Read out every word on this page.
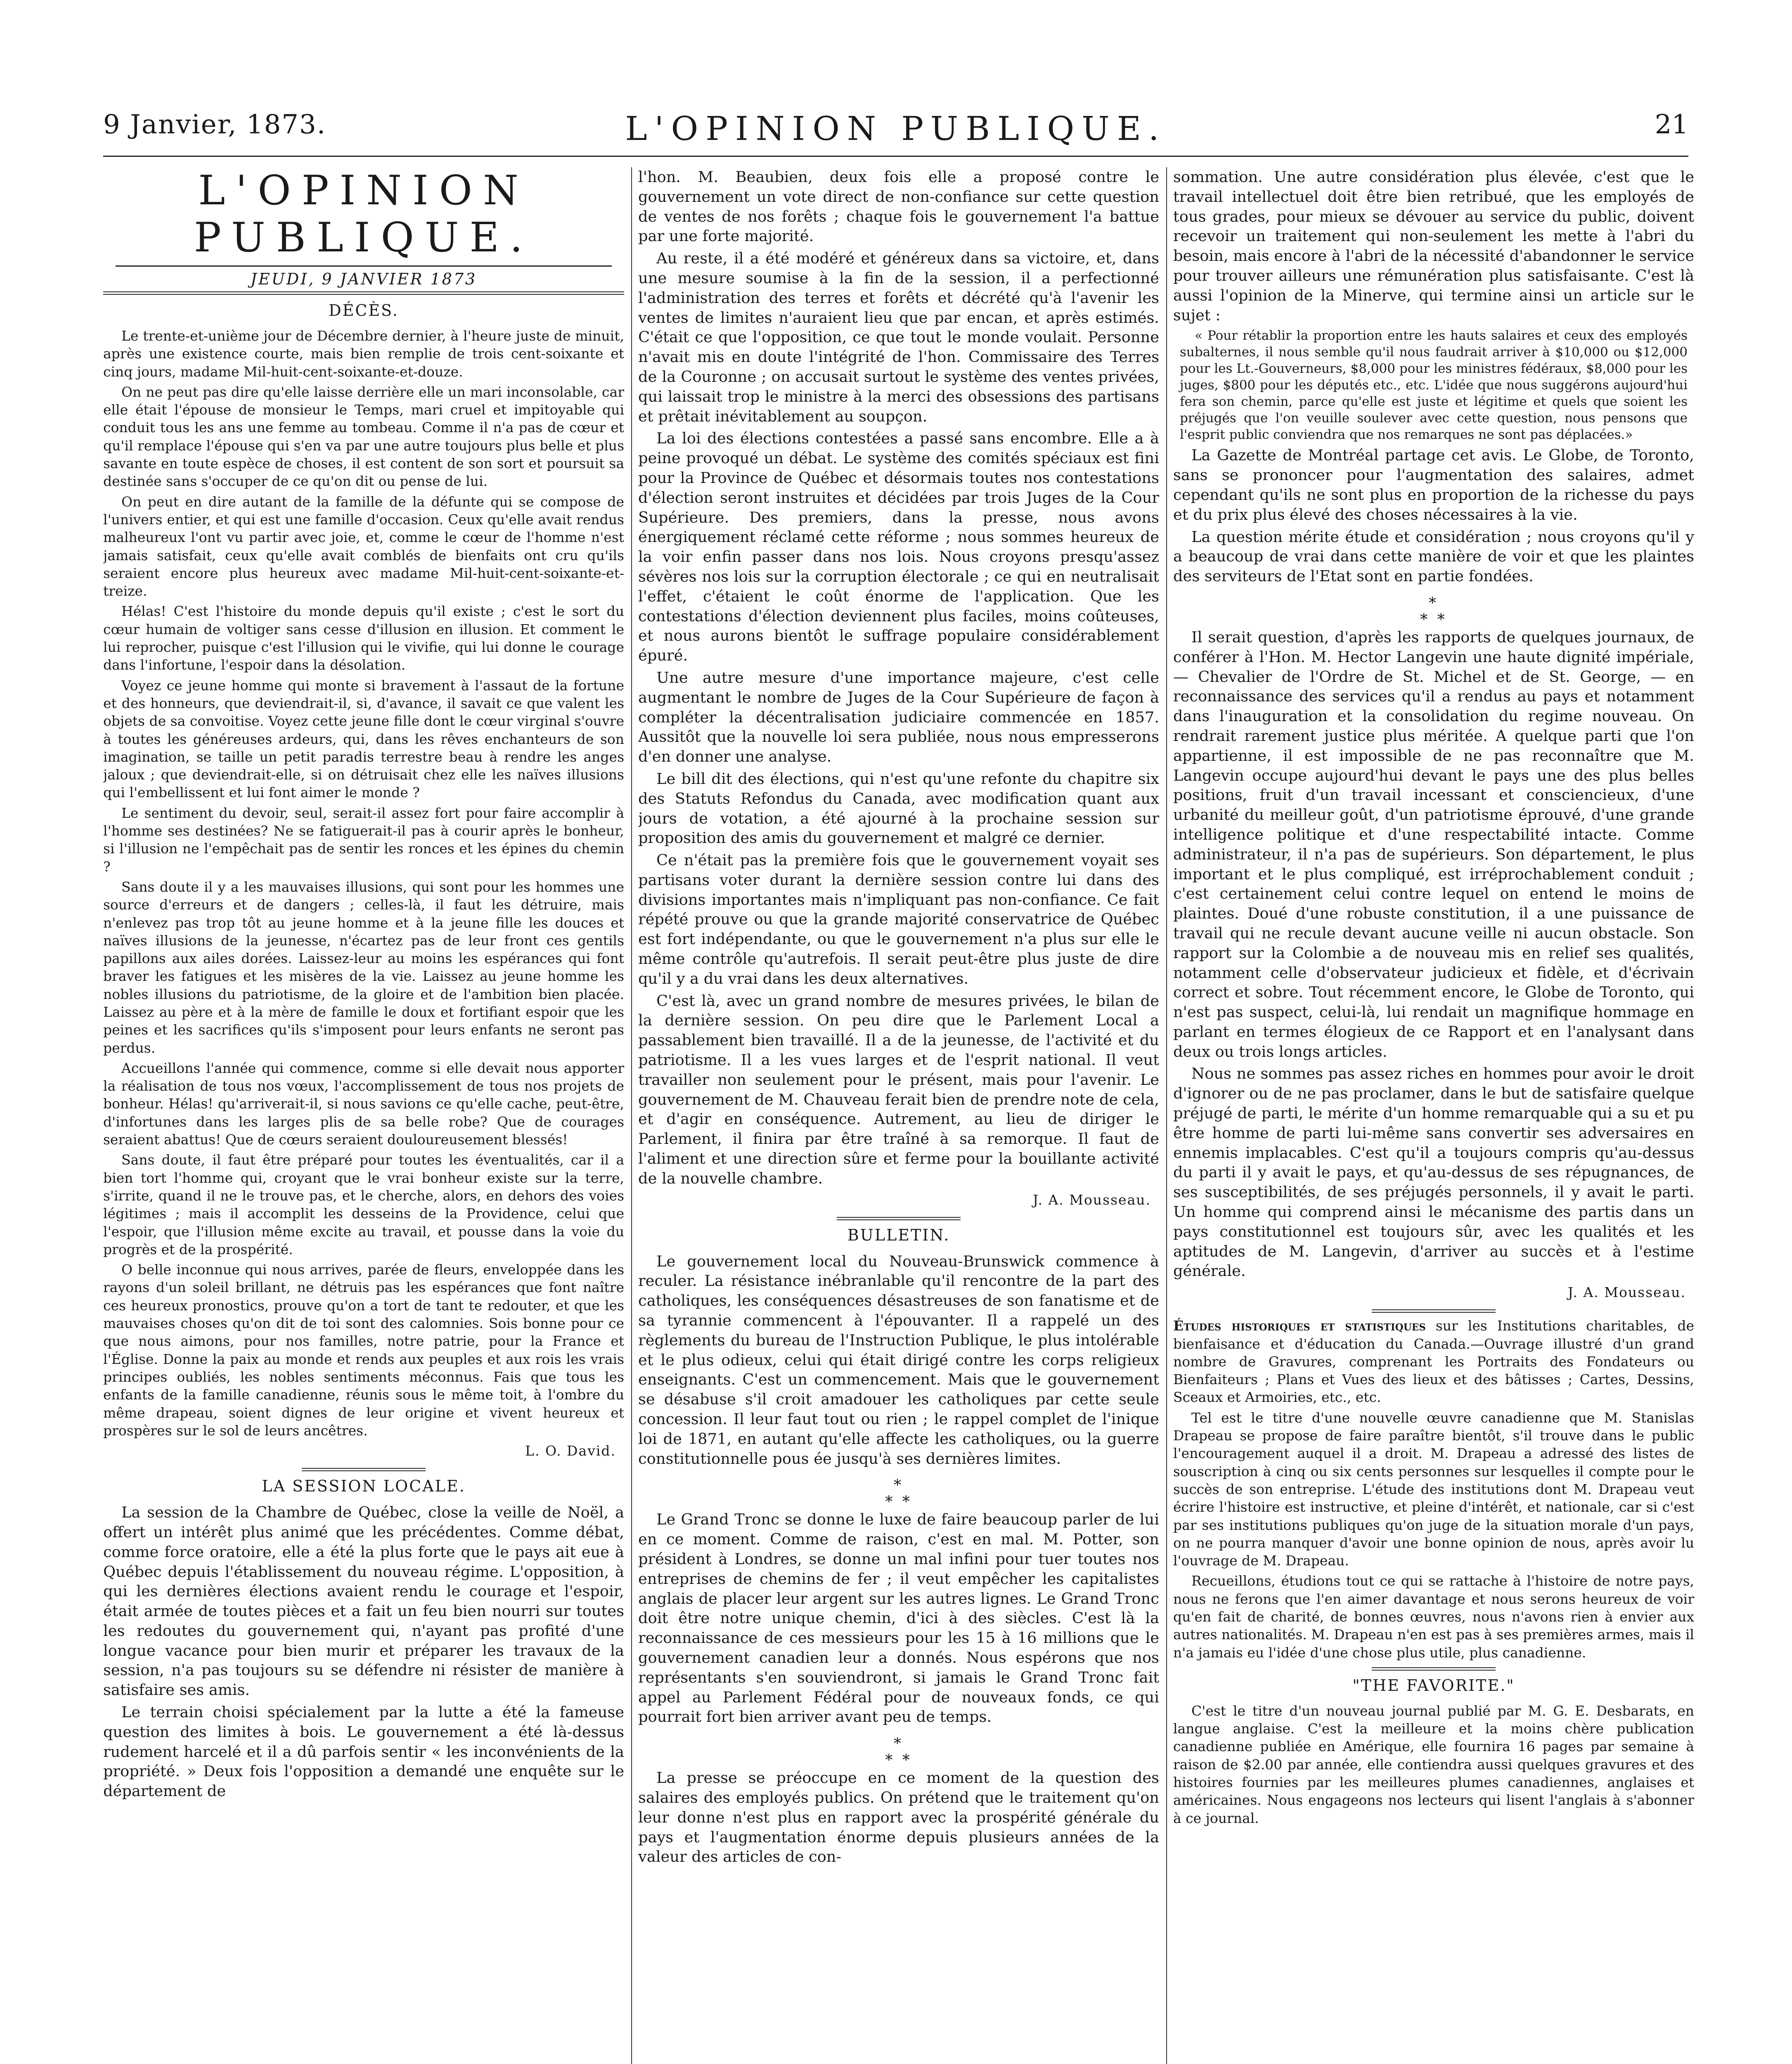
9 Janvier, 1873.	L'OPINION PUBLIQUE.	21
L'OPINION PUBLIQUE.
JEUDI, 9 JANVIER 1873
DÉCÈS.

Le trente-et-unième jour de Décembre dernier, à l'heure juste de minuit, après une existence courte, mais bien remplie de trois cent-soixante et cinq jours, madame Mil-huit-cent-soixante-et-douze.

On ne peut pas dire qu'elle laisse derrière elle un mari inconsolable, car elle était l'épouse de monsieur le Temps, mari cruel et impitoyable qui conduit tous les ans une femme au tombeau. Comme il n'a pas de cœur et qu'il remplace l'épouse qui s'en va par une autre toujours plus belle et plus savante en toute espèce de choses, il est content de son sort et poursuit sa destinée sans s'occuper de ce qu'on dit ou pense de lui.

On peut en dire autant de la famille de la défunte qui se compose de l'univers entier, et qui est une famille d'occasion. Ceux qu'elle avait rendus malheureux l'ont vu partir avec joie, et, comme le cœur de l'homme n'est jamais satisfait, ceux qu'elle avait comblés de bienfaits ont cru qu'ils seraient encore plus heureux avec madame Mil-huit-cent-soixante-et-treize.

Hélas! C'est l'histoire du monde depuis qu'il existe ; c'est le sort du cœur humain de voltiger sans cesse d'illusion en illusion. Et comment le lui reprocher, puisque c'est l'illusion qui le vivifie, qui lui donne le courage dans l'infortune, l'espoir dans la désolation.

Voyez ce jeune homme qui monte si bravement à l'assaut de la fortune et des honneurs, que deviendrait-il, si, d'avance, il savait ce que valent les objets de sa convoitise. Voyez cette jeune fille dont le cœur virginal s'ouvre à toutes les généreuses ardeurs, qui, dans les rêves enchanteurs de son imagination, se taille un petit paradis terrestre beau à rendre les anges jaloux ; que deviendrait-elle, si on détruisait chez elle les naïves illusions qui l'embellissent et lui font aimer le monde ?

Le sentiment du devoir, seul, serait-il assez fort pour faire accomplir à l'homme ses destinées? Ne se fatiguerait-il pas à courir après le bonheur, si l'illusion ne l'empêchait pas de sentir les ronces et les épines du chemin ?

Sans doute il y a les mauvaises illusions, qui sont pour les hommes une source d'erreurs et de dangers ; celles-là, il faut les détruire, mais n'enlevez pas trop tôt au jeune homme et à la jeune fille les douces et naïves illusions de la jeunesse, n'écartez pas de leur front ces gentils papillons aux ailes dorées. Laissez-leur au moins les espérances qui font braver les fatigues et les misères de la vie. Laissez au jeune homme les nobles illusions du patriotisme, de la gloire et de l'ambition bien placée. Laissez au père et à la mère de famille le doux et fortifiant espoir que les peines et les sacrifices qu'ils s'imposent pour leurs enfants ne seront pas perdus.

Accueillons l'année qui commence, comme si elle devait nous apporter la réalisation de tous nos vœux, l'accomplissement de tous nos projets de bonheur. Hélas! qu'arriverait-il, si nous savions ce qu'elle cache, peut-être, d'infortunes dans les larges plis de sa belle robe? Que de courages seraient abattus! Que de cœurs seraient douloureusement blessés!

Sans doute, il faut être préparé pour toutes les éventualités, car il a bien tort l'homme qui, croyant que le vrai bonheur existe sur la terre, s'irrite, quand il ne le trouve pas, et le cherche, alors, en dehors des voies légitimes ; mais il accomplit les desseins de la Providence, celui que l'espoir, que l'illusion même excite au travail, et pousse dans la voie du progrès et de la prospérité.

O belle inconnue qui nous arrives, parée de fleurs, enveloppée dans les rayons d'un soleil brillant, ne détruis pas les espérances que font naître ces heureux pronostics, prouve qu'on a tort de tant te redouter, et que les mauvaises choses qu'on dit de toi sont des calomnies. Sois bonne pour ce que nous aimons, pour nos familles, notre patrie, pour la France et l'Église. Donne la paix au monde et rends aux peuples et aux rois les vrais principes oubliés, les nobles sentiments méconnus. Fais que tous les enfants de la famille canadienne, réunis sous le même toit, à l'ombre du même drapeau, soient dignes de leur origine et vivent heureux et prospères sur le sol de leurs ancêtres.

L. O. David.
LA SESSION LOCALE.

La session de la Chambre de Québec, close la veille de Noël, a offert un intérêt plus animé que les précédentes. Comme débat, comme force oratoire, elle a été la plus forte que le pays ait eue à Québec depuis l'établissement du nouveau régime. L'opposition, à qui les dernières élections avaient rendu le courage et l'espoir, était armée de toutes pièces et a fait un feu bien nourri sur toutes les redoutes du gouvernement qui, n'ayant pas profité d'une longue vacance pour bien murir et préparer les travaux de la session, n'a pas toujours su se défendre ni résister de manière à satisfaire ses amis.

Le terrain choisi spécialement par la lutte a été la fameuse question des limites à bois. Le gouvernement a été là-dessus rudement harcelé et il a dû parfois sentir « les inconvénients de la propriété. » Deux fois l'opposition a demandé une enquête sur le département de

l'hon. M. Beaubien, deux fois elle a proposé contre le gouvernement un vote direct de non-confiance sur cette question de ventes de nos forêts ; chaque fois le gouvernement l'a battue par une forte majorité.

Au reste, il a été modéré et généreux dans sa victoire, et, dans une mesure soumise à la fin de la session, il a perfectionné l'administration des terres et forêts et décrété qu'à l'avenir les ventes de limites n'auraient lieu que par encan, et après estimés. C'était ce que l'opposition, ce que tout le monde voulait. Personne n'avait mis en doute l'intégrité de l'hon. Commissaire des Terres de la Couronne ; on accusait surtout le système des ventes privées, qui laissait trop le ministre à la merci des obsessions des partisans et prêtait inévitablement au soupçon.

La loi des élections contestées a passé sans encombre. Elle a à peine provoqué un débat. Le système des comités spéciaux est fini pour la Province de Québec et désormais toutes nos contestations d'élection seront instruites et décidées par trois Juges de la Cour Supérieure. Des premiers, dans la presse, nous avons énergiquement réclamé cette réforme ; nous sommes heureux de la voir enfin passer dans nos lois. Nous croyons presqu'assez sévères nos lois sur la corruption électorale ; ce qui en neutralisait l'effet, c'étaient le coût énorme de l'application. Que les contestations d'élection deviennent plus faciles, moins coûteuses, et nous aurons bientôt le suffrage populaire considérablement épuré.

Une autre mesure d'une importance majeure, c'est celle augmentant le nombre de Juges de la Cour Supérieure de façon à compléter la décentralisation judiciaire commencée en 1857. Aussitôt que la nouvelle loi sera publiée, nous nous empresserons d'en donner une analyse.

Le bill dit des élections, qui n'est qu'une refonte du chapitre six des Statuts Refondus du Canada, avec modification quant aux jours de votation, a été ajourné à la prochaine session sur proposition des amis du gouvernement et malgré ce dernier.

Ce n'était pas la première fois que le gouvernement voyait ses partisans voter durant la dernière session contre lui dans des divisions importantes mais n'impliquant pas non-confiance. Ce fait répété prouve ou que la grande majorité conservatrice de Québec est fort indépendante, ou que le gouvernement n'a plus sur elle le même contrôle qu'autrefois. Il serait peut-être plus juste de dire qu'il y a du vrai dans les deux alternatives.

C'est là, avec un grand nombre de mesures privées, le bilan de la dernière session. On peu dire que le Parlement Local a passablement bien travaillé. Il a de la jeunesse, de l'activité et du patriotisme. Il a les vues larges et de l'esprit national. Il veut travailler non seulement pour le présent, mais pour l'avenir. Le gouvernement de M. Chauveau ferait bien de prendre note de cela, et d'agir en conséquence. Autrement, au lieu de diriger le Parlement, il finira par être traîné à sa remorque. Il faut de l'aliment et une direction sûre et ferme pour la bouillante activité de la nouvelle chambre.

J. A. Mousseau.
BULLETIN.

Le gouvernement local du Nouveau-Brunswick commence à reculer. La résistance inébranlable qu'il rencontre de la part des catholiques, les conséquences désastreuses de son fanatisme et de sa tyrannie commencent à l'épouvanter. Il a rappelé un des règlements du bureau de l'Instruction Publique, le plus intolérable et le plus odieux, celui qui était dirigé contre les corps religieux enseignants. C'est un commencement. Mais que le gouvernement se désabuse s'il croit amadouer les catholiques par cette seule concession. Il leur faut tout ou rien ; le rappel complet de l'inique loi de 1871, en autant qu'elle affecte les catholiques, ou la guerre constitutionnelle pous ée jusqu'à ses dernières limites.

⁎
⁎ ⁎

Le Grand Tronc se donne le luxe de faire beaucoup parler de lui en ce moment. Comme de raison, c'est en mal. M. Potter, son président à Londres, se donne un mal infini pour tuer toutes nos entreprises de chemins de fer ; il veut empêcher les capitalistes anglais de placer leur argent sur les autres lignes. Le Grand Tronc doit être notre unique chemin, d'ici à des siècles. C'est là la reconnaissance de ces messieurs pour les 15 à 16 millions que le gouvernement canadien leur a donnés. Nous espérons que nos représentants s'en souviendront, si jamais le Grand Tronc fait appel au Parlement Fédéral pour de nouveaux fonds, ce qui pourrait fort bien arriver avant peu de temps.

⁎
⁎ ⁎

La presse se préoccupe en ce moment de la question des salaires des employés publics. On prétend que le traitement qu'on leur donne n'est plus en rapport avec la prospérité générale du pays et l'augmentation énorme depuis plusieurs années de la valeur des articles de con-

sommation. Une autre considération plus élevée, c'est que le travail intellectuel doit être bien retribué, que les employés de tous grades, pour mieux se dévouer au service du public, doivent recevoir un traitement qui non-seulement les mette à l'abri du besoin, mais encore à l'abri de la nécessité d'abandonner le service pour trouver ailleurs une rémunération plus satisfaisante. C'est là aussi l'opinion de la Minerve, qui termine ainsi un article sur le sujet :

« Pour rétablir la proportion entre les hauts salaires et ceux des employés subalternes, il nous semble qu'il nous faudrait arriver à $10,000 ou $12,000 pour les Lt.-Gouverneurs, $8,000 pour les ministres fédéraux, $8,000 pour les juges, $800 pour les députés etc., etc. L'idée que nous suggérons aujourd'hui fera son chemin, parce qu'elle est juste et légitime et quels que soient les préjugés que l'on veuille soulever avec cette question, nous pensons que l'esprit public conviendra que nos remarques ne sont pas déplacées.»

La Gazette de Montréal partage cet avis. Le Globe, de Toronto, sans se prononcer pour l'augmentation des salaires, admet cependant qu'ils ne sont plus en proportion de la richesse du pays et du prix plus élevé des choses nécessaires à la vie.

La question mérite étude et considération ; nous croyons qu'il y a beaucoup de vrai dans cette manière de voir et que les plaintes des serviteurs de l'Etat sont en partie fondées.

⁎
⁎ ⁎

Il serait question, d'après les rapports de quelques journaux, de conférer à l'Hon. M. Hector Langevin une haute dignité impériale, — Chevalier de l'Ordre de St. Michel et de St. George, — en reconnaissance des services qu'il a rendus au pays et notamment dans l'inauguration et la consolidation du regime nouveau. On rendrait rarement justice plus méritée. A quelque parti que l'on appartienne, il est impossible de ne pas reconnaître que M. Langevin occupe aujourd'hui devant le pays une des plus belles positions, fruit d'un travail incessant et consciencieux, d'une urbanité du meilleur goût, d'un patriotisme éprouvé, d'une grande intelligence politique et d'une respectabilité intacte. Comme administrateur, il n'a pas de supérieurs. Son département, le plus important et le plus compliqué, est irréprochablement conduit ; c'est certainement celui contre lequel on entend le moins de plaintes. Doué d'une robuste constitution, il a une puissance de travail qui ne recule devant aucune veille ni aucun obstacle. Son rapport sur la Colombie a de nouveau mis en relief ses qualités, notamment celle d'observateur judicieux et fidèle, et d'écrivain correct et sobre. Tout récemment encore, le Globe de Toronto, qui n'est pas suspect, celui-là, lui rendait un magnifique hommage en parlant en termes élogieux de ce Rapport et en l'analysant dans deux ou trois longs articles.

Nous ne sommes pas assez riches en hommes pour avoir le droit d'ignorer ou de ne pas proclamer, dans le but de satisfaire quelque préjugé de parti, le mérite d'un homme remarquable qui a su et pu être homme de parti lui-même sans convertir ses adversaires en ennemis implacables. C'est qu'il a toujours compris qu'au-dessus du parti il y avait le pays, et qu'au-dessus de ses répugnances, de ses susceptibilités, de ses préjugés personnels, il y avait le parti. Un homme qui comprend ainsi le mécanisme des partis dans un pays constitutionnel est toujours sûr, avec les qualités et les aptitudes de M. Langevin, d'arriver au succès et à l'estime générale.

J. A. Mousseau.

Études historiques et statistiques sur les Institutions charitables, de bienfaisance et d'éducation du Canada.—Ouvrage illustré d'un grand nombre de Gravures, comprenant les Portraits des Fondateurs ou Bienfaiteurs ; Plans et Vues des lieux et des bâtisses ; Cartes, Dessins, Sceaux et Armoiries, etc., etc.

Tel est le titre d'une nouvelle œuvre canadienne que M. Stanislas Drapeau se propose de faire paraître bientôt, s'il trouve dans le public l'encouragement auquel il a droit. M. Drapeau a adressé des listes de souscription à cinq ou six cents personnes sur lesquelles il compte pour le succès de son entreprise. L'étude des institutions dont M. Drapeau veut écrire l'histoire est instructive, et pleine d'intérêt, et nationale, car si c'est par ses institutions publiques qu'on juge de la situation morale d'un pays, on ne pourra manquer d'avoir une bonne opinion de nous, après avoir lu l'ouvrage de M. Drapeau.

Recueillons, étudions tout ce qui se rattache à l'histoire de notre pays, nous ne ferons que l'en aimer davantage et nous serons heureux de voir qu'en fait de charité, de bonnes œuvres, nous n'avons rien à envier aux autres nationalités. M. Drapeau n'en est pas à ses premières armes, mais il n'a jamais eu l'idée d'une chose plus utile, plus canadienne.

"THE FAVORITE."

C'est le titre d'un nouveau journal publié par M. G. E. Desbarats, en langue anglaise. C'est la meilleure et la moins chère publication canadienne publiée en Amérique, elle fournira 16 pages par semaine à raison de $2.00 par année, elle contiendra aussi quelques gravures et des histoires fournies par les meilleures plumes canadiennes, anglaises et américaines. Nous engageons nos lecteurs qui lisent l'anglais à s'abonner à ce journal.
